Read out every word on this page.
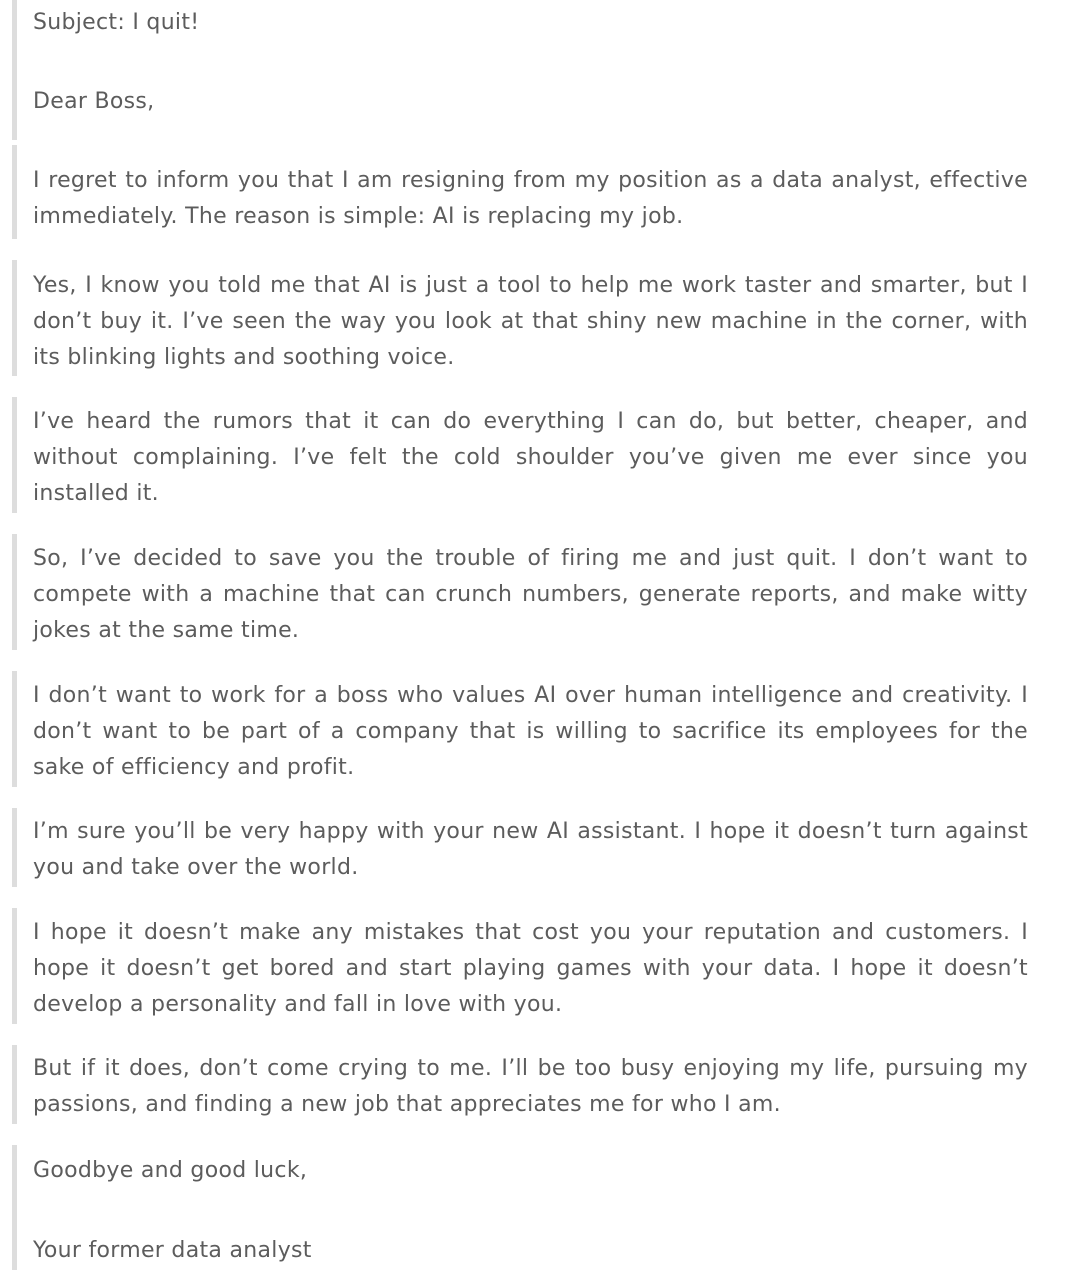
Subject: I quit!

Dear Boss,

I regret to inform you that I am resigning from my position as a data analyst, effective immediately. The reason is simple: AI is replacing my job.

Yes, I know you told me that AI is just a tool to help me work taster and smarter, but I don’t buy it. I’ve seen the way you look at that shiny new machine in the corner, with its blinking lights and soothing voice.

I’ve heard the rumors that it can do everything I can do, but better, cheaper, and without complaining. I’ve felt the cold shoulder you’ve given me ever since you installed it.

So, I’ve decided to save you the trouble of firing me and just quit. I don’t want to compete with a machine that can crunch numbers, generate reports, and make witty jokes at the same time.

I don’t want to work for a boss who values AI over human intelligence and creativity. I don’t want to be part of a company that is willing to sacrifice its employees for the sake of efficiency and profit.

I’m sure you’ll be very happy with your new AI assistant. I hope it doesn’t turn against you and take over the world.

I hope it doesn’t make any mistakes that cost you your reputation and customers. I hope it doesn’t get bored and start playing games with your data. I hope it doesn’t develop a personality and fall in love with you.

But if it does, don’t come crying to me. I’ll be too busy enjoying my life, pursuing my passions, and finding a new job that appreciates me for who I am.

Goodbye and good luck,

Your former data analyst
